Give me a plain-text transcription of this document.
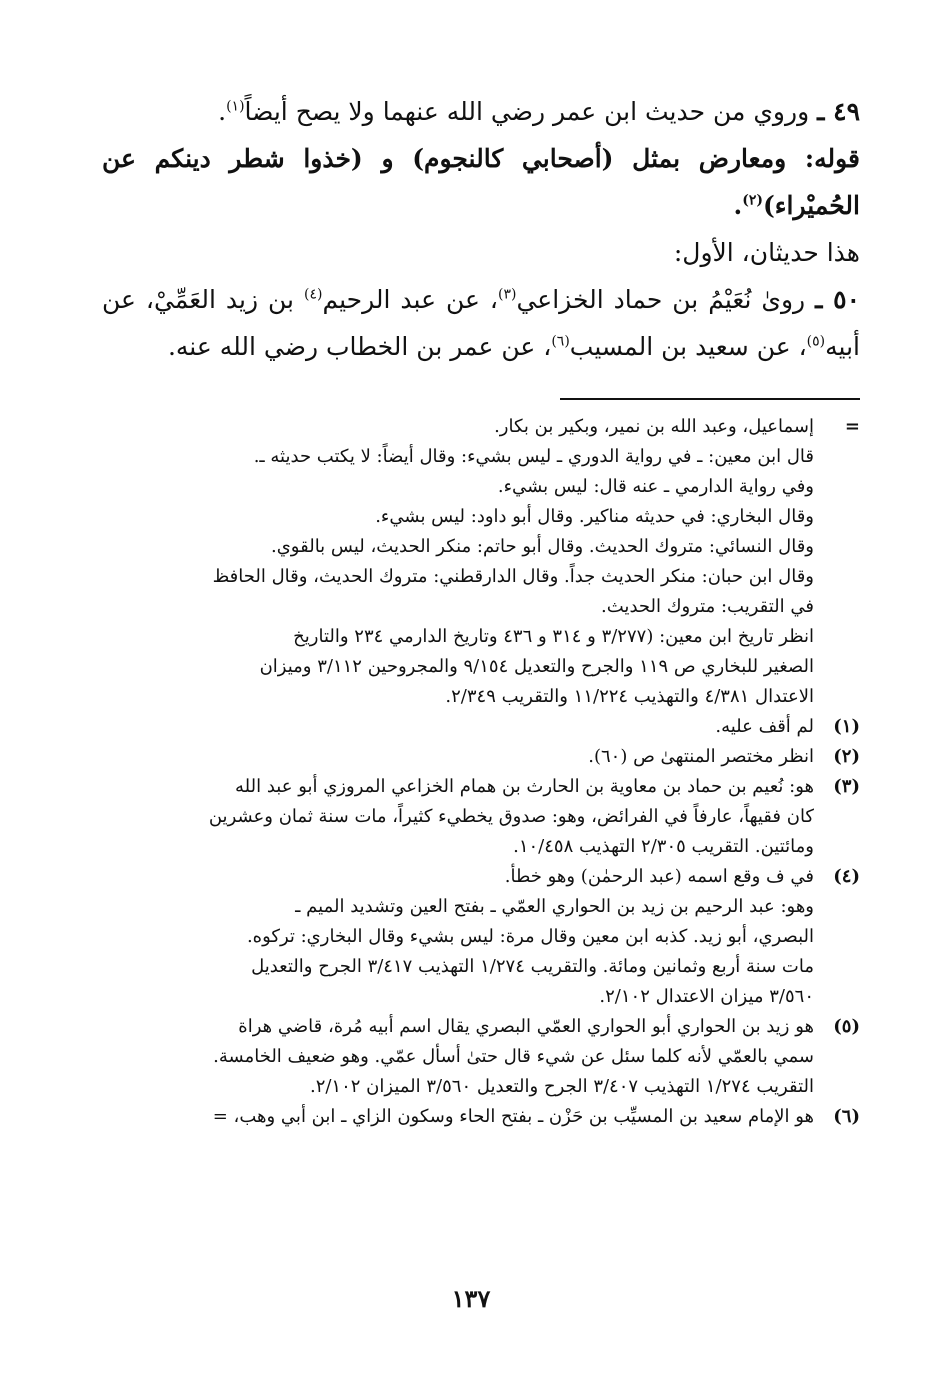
٤٩ ـ وروي من حديث ابن عمر رضي الله عنهما ولا يصح أيضاً$^{(١)}$.

قوله: ومعارض بمثل (أصحابي كالنجوم) و (خذوا شطر دينكم عن الحُميْراء)$^{(٢)}$.

هذا حديثان، الأول:

٥٠ ـ روىٰ نُعَيْمُ بن حماد الخزاعي$^{(٣)}$، عن عبد الرحيم$^{(٤)}$ بن زيد العَمِّيْ، عن أبيه$^{(٥)}$، عن سعيد بن المسيب$^{(٦)}$، عن عمر بن الخطاب رضي الله عنه.

=
إسماعيل، وعبد الله بن نمير، وبكير بن بكار.
قال ابن معين: ـ في رواية الدوري ـ ليس بشيء: وقال أيضاً: لا يكتب حديثه ـ.
وفي رواية الدارمي ـ عنه قال: ليس بشيء.
وقال البخاري: في حديثه مناكير. وقال أبو داود: ليس بشيء.
وقال النسائي: متروك الحديث. وقال أبو حاتم: منكر الحديث، ليس بالقوي.
وقال ابن حبان: منكر الحديث جداً. وقال الدارقطني: متروك الحديث، وقال الحافظ
في التقريب: متروك الحديث.
انظر تاريخ ابن معين: (٣/٢٧٧ و ٣١٤ و ٤٣٦ وتاريخ الدارمي ٢٣٤ والتاريخ
الصغير للبخاري ص ١١٩ والجرح والتعديل ٩/١٥٤ والمجروحين ٣/١١٢ وميزان
الاعتدال ٤/٣٨١ والتهذيب ١١/٢٢٤ والتقريب ٢/٣٤٩.
(١)
لم أقف عليه.
(٢)
انظر مختصر المنتهىٰ ص (٦٠).
(٣)
هو: نُعيم بن حماد بن معاوية بن الحارث بن همام الخزاعي المروزي أبو عبد الله
كان فقيهاً، عارفاً في الفرائض، وهو: صدوق يخطيء كثيراً، مات سنة ثمان وعشرين
ومائتين. التقريب ٢/٣٠٥ التهذيب ١٠/٤٥٨.
(٤)
في ف وقع اسمه (عبد الرحمٰن) وهو خطأ.
وهو: عبد الرحيم بن زيد بن الحواري العمّي ـ بفتح العين وتشديد الميم ـ
البصري، أبو زيد. كذبه ابن معين وقال مرة: ليس بشيء وقال البخاري: تركوه.
مات سنة أربع وثمانين ومائة. والتقريب ١/٢٧٤ التهذيب ٣/٤١٧ الجرح والتعديل
٣/٥٦٠ ميزان الاعتدال ٢/١٠٢.
(٥)
هو زيد بن الحواري أبو الحواري العمّي البصري يقال اسم أبيه مُرة، قاضي هراة
سمي بالعمّي لأنه كلما سئل عن شيء قال حتىٰ أسأل عمّي. وهو ضعيف الخامسة.
التقريب ١/٢٧٤ التهذيب ٣/٤٠٧ الجرح والتعديل ٣/٥٦٠ الميزان ٢/١٠٢.
(٦)
هو الإمام سعيد بن المسيِّب بن حَزْن ـ بفتح الحاء وسكون الزاي ـ ابن أبي وهب، =
١٣٧
